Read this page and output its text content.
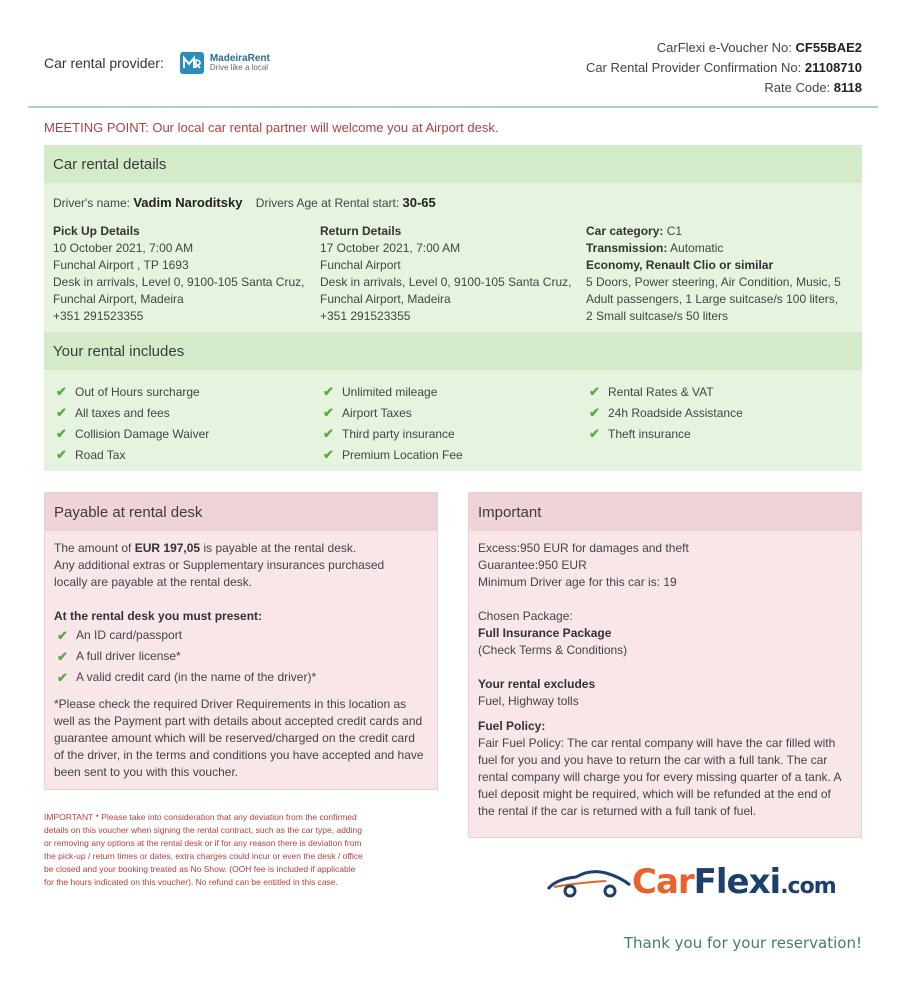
Car rental provider:	MadeiraRent
Drive like a local
CarFlexi e-Voucher No: CF55BAE2
Car Rental Provider Confirmation No: 21108710
Rate Code: 8118
MEETING POINT: Our local car rental partner will welcome you at Airport desk.
Car rental details
Driver's name: Vadim Naroditsky Drivers Age at Rental start: 30-65
Pick Up Details
10 October 2021, 7:00 AM
Funchal Airport , TP 1693
Desk in arrivals, Level 0, 9100-105 Santa Cruz,
Funchal Airport, Madeira
+351 291523355
Return Details
17 October 2021, 7:00 AM
Funchal Airport
Desk in arrivals, Level 0, 9100-105 Santa Cruz,
Funchal Airport, Madeira
+351 291523355
Car category: C1
Transmission: Automatic
Economy, Renault Clio or similar
5 Doors, Power steering, Air Condition, Music, 5
Adult passengers, 1 Large suitcase/s 100 liters,
2 Small suitcase/s 50 liters
Your rental includes
✔ Out of Hours surcharge
✔ All taxes and fees
✔ Collision Damage Waiver
✔ Road Tax
✔ Unlimited mileage
✔ Airport Taxes
✔ Third party insurance
✔ Premium Location Fee
✔ Rental Rates & VAT
✔ 24h Roadside Assistance
✔ Theft insurance
Payable at rental desk

The amount of EUR 197,05 is payable at the rental desk.

Any additional extras or Supplementary insurances purchased

locally are payable at the rental desk.

At the rental desk you must present:

✔ An ID card/passport
✔ A full driver license*
✔ A valid credit card (in the name of the driver)*

*Please check the required Driver Requirements in this location as

well as the Payment part with details about accepted credit cards and

guarantee amount which will be reserved/charged on the credit card

of the driver, in the terms and conditions you have accepted and have

been sent to you with this voucher.

Important

Excess:950 EUR for damages and theft

Guarantee:950 EUR

Minimum Driver age for this car is: 19

Chosen Package:

Full Insurance Package

(Check Terms & Conditions)

Your rental excludes

Fuel, Highway tolls

Fuel Policy:

Fair Fuel Policy: The car rental company will have the car filled with

fuel for you and you have to return the car with a full tank. The car

rental company will charge you for every missing quarter of a tank. A

fuel deposit might be required, which will be refunded at the end of

the rental if the car is returned with a full tank of fuel.

IMPORTANT * Please take into consideration that any deviation from the confirmed
details on this voucher when signing the rental contract, such as the car type, adding
or removing any options at the rental desk or if for any reason there is deviation from
the pick-up / return times or dates, extra charges could incur or even the desk / office
be closed and your booking treated as No Show. (OOH fee is included if applicable
for the hours indicated on this voucher). No refund can be entitled in this case.	CarFlexi.com
Thank you for your reservation!
